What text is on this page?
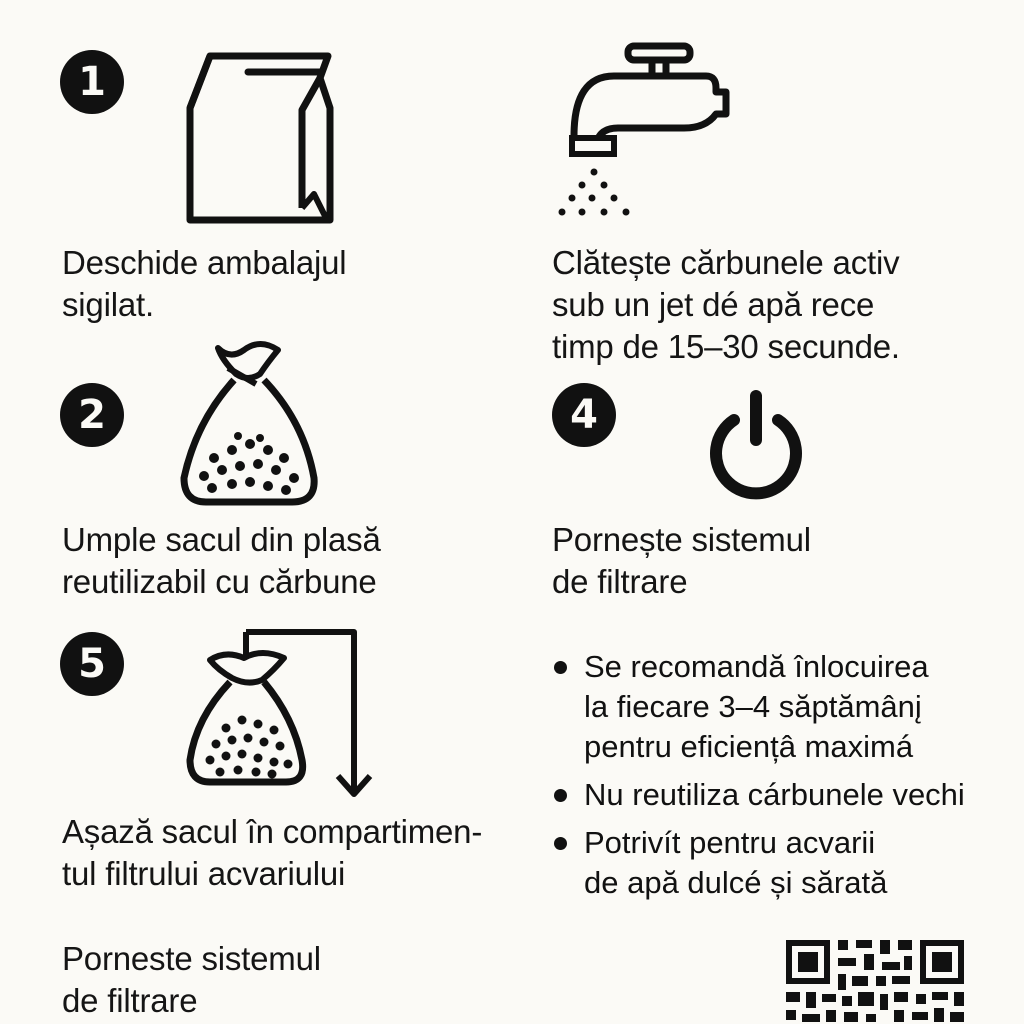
1
Deschide ambalajul
sigilat.
Clătește cărbunele activ
sub un jet dé apă rece
timp de 15–30 secunde.
2
Umple sacul din plasă
reutilizabil cu cărbune
4
Pornește sistemul
de filtrare
5
Așază sacul în compartimen-
tul filtrului acvariului
Se recomandă înlocuirea
la fiecare 3–4 săptămânį
pentru eficiențâ maximá
Nu reutiliza cárbunele vechi
Potrivít pentru acvarii
de apă dulcé și sărată
Porneste sistemul
de filtrare
